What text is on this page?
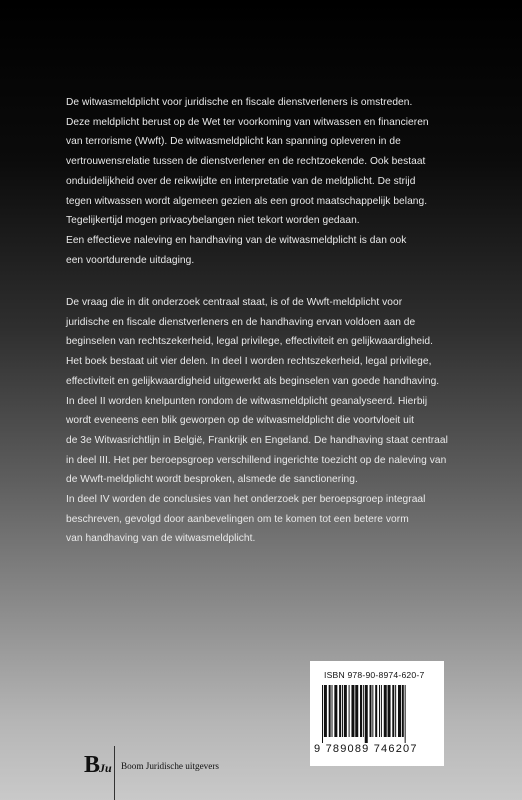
De witwasmeldplicht voor juridische en fiscale dienstverleners is omstreden.
Deze meldplicht berust op de Wet ter voorkoming van witwassen en financieren
van terrorisme (Wwft). De witwasmeldplicht kan spanning opleveren in de
vertrouwensrelatie tussen de dienstverlener en de rechtzoekende. Ook bestaat
onduidelijkheid over de reikwijdte en interpretatie van de meldplicht. De strijd
tegen witwassen wordt algemeen gezien als een groot maatschappelijk belang.
Tegelijkertijd mogen privacybelangen niet tekort worden gedaan.
Een effectieve naleving en handhaving van de witwasmeldplicht is dan ook
een voortdurende uitdaging.

De vraag die in dit onderzoek centraal staat, is of de Wwft-meldplicht voor
juridische en fiscale dienstverleners en de handhaving ervan voldoen aan de
beginselen van rechtszekerheid, legal privilege, effectiviteit en gelijkwaardigheid.
Het boek bestaat uit vier delen. In deel I worden rechtszekerheid, legal privilege,
effectiviteit en gelijkwaardigheid uitgewerkt als beginselen van goede handhaving.
In deel II worden knelpunten rondom de witwasmeldplicht geanalyseerd. Hierbij
wordt eveneens een blik geworpen op de witwasmeldplicht die voortvloeit uit
de 3e Witwasrichtlijn in België, Frankrijk en Engeland. De handhaving staat centraal
in deel III. Het per beroepsgroep verschillend ingerichte toezicht op de naleving van
de Wwft-meldplicht wordt besproken, alsmede de sanctionering.
In deel IV worden de conclusies van het onderzoek per beroepsgroep integraal
beschreven, gevolgd door aanbevelingen om te komen tot een betere vorm
van handhaving van de witwasmeldplicht.

ISBN 978-90-8974-620-7
9 789089 746207
B
Ju Boom Juridische uitgevers
